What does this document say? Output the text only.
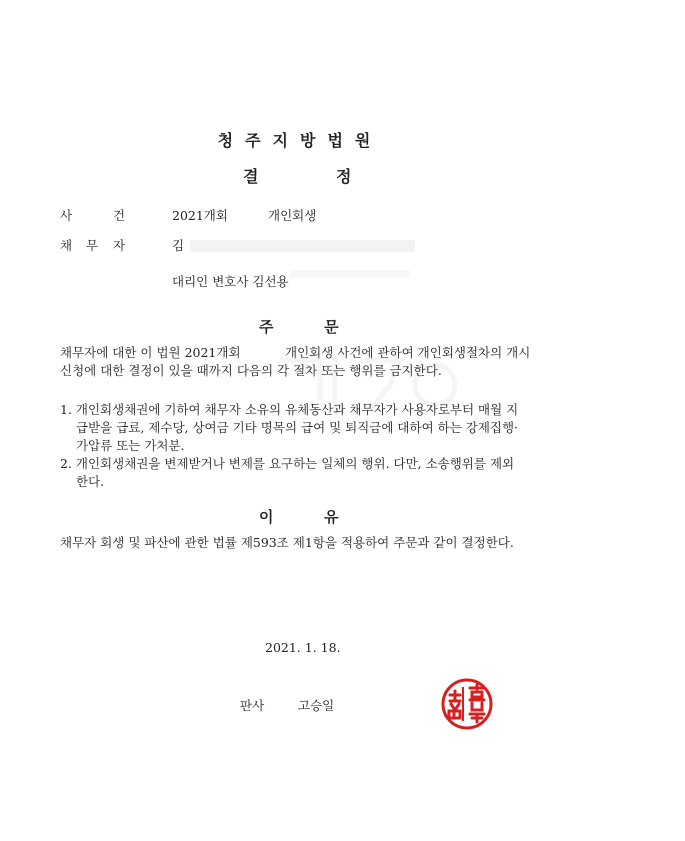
청주지방법원
결	정
사	건	2021개회	개인회생
채 무 자	김
대리인 변호사 김선용
주	문
채무자에 대한 이 법원 2021개회	개인회생 사건에 관하여 개인회생절차의 개시
신청에 대한 결정이 있을 때까지 다음의 각 절차 또는 행위를 금지한다.
1. 개인회생채권에 기하여 채무자 소유의 유체동산과 채무자가 사용자로부터 매월 지
급받을 급료, 제수당, 상여금 기타 명목의 급여 및 퇴직금에 대하여 하는 강제집행·
가압류 또는 가처분.
2. 개인회생채권을 변제받거나 변제를 요구하는 일체의 행위. 다만, 소송행위를 제외
한다.
이	유
채무자 회생 및 파산에 관한 법률 제593조 제1항을 적용하여 주문과 같이 결정한다.
2021. 1. 18.
판사	고승일
